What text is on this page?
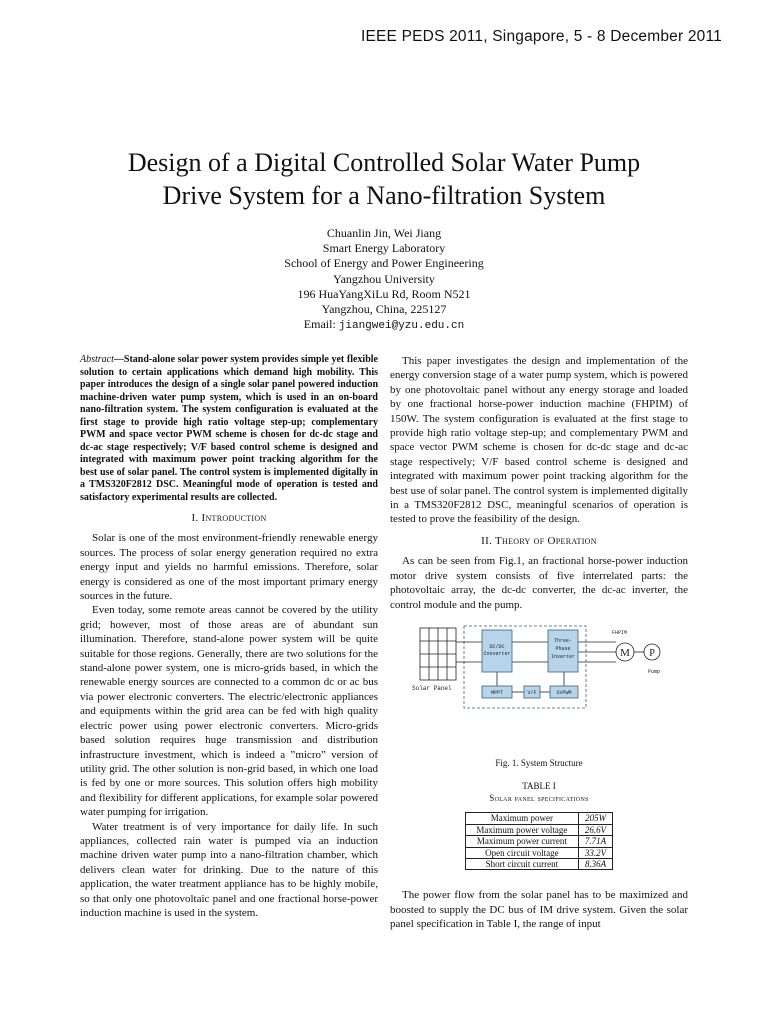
IEEE PEDS 2011, Singapore, 5 - 8 December 2011
Design of a Digital Controlled Solar Water Pump
Drive System for a Nano-filtration System
Chuanlin Jin, Wei Jiang
Smart Energy Laboratory
School of Energy and Power Engineering
Yangzhou University
196 HuaYangXiLu Rd, Room N521
Yangzhou, China, 225127
Email: jiangwei@yzu.edu.cn
Abstract—Stand-alone solar power system provides simple yet flexible solution to certain applications which demand high mobility. This paper introduces the design of a single solar panel powered induction machine-driven water pump system, which is used in an on-board nano-filtration system. The system configuration is evaluated at the first stage to provide high ratio voltage step-up; complementary PWM and space vector PWM scheme is chosen for dc-dc stage and dc-ac stage respectively; V/F based control scheme is designed and integrated with maximum power point tracking algorithm for the best use of solar panel. The control system is implemented digitally in a TMS320F2812 DSC. Meaningful mode of operation is tested and satisfactory experimental results are collected.
I. Introduction

Solar is one of the most environment-friendly renewable energy sources. The process of solar energy generation required no extra energy input and yields no harmful emissions. Therefore, solar energy is considered as one of the most important primary energy sources in the future.

Even today, some remote areas cannot be covered by the utility grid; however, most of those areas are of abundant sun illumination. Therefore, stand-alone power system will be quite suitable for those regions. Generally, there are two solutions for the stand-alone power system, one is micro-grids based, in which the renewable energy sources are connected to a common dc or ac bus via power electronic converters. The electric/electronic appliances and equipments within the grid area can be fed with high quality electric power using power electronic converters. Micro-grids based solution requires huge transmission and distribution infrastructure investment, which is indeed a ”micro” version of utility grid. The other solution is non-grid based, in which one load is fed by one or more sources. This solution offers high mobility and flexibility for different applications, for example solar powered water pumping for irrigation.

Water treatment is of very importance for daily life. In such appliances, collected rain water is pumped via an induction machine driven water pump into a nano-filtration chamber, which delivers clean water for drinking. Due to the nature of this application, the water treatment appliance has to be highly mobile, so that only one photovoltaic panel and one fractional horse-power induction machine is used in the system.

This paper investigates the design and implementation of the energy conversion stage of a water pump system, which is powered by one photovoltaic panel without any energy storage and loaded by one fractional horse-power induction machine (FHPIM) of 150W. The system configuration is evaluated at the first stage to provide high ratio voltage step-up; and complementary PWM and space vector PWM scheme is chosen for dc-dc stage and dc-ac stage respectively; V/F based control scheme is designed and integrated with maximum power point tracking algorithm for the best use of solar panel. The control system is implemented digitally in a TMS320F2812 DSC, meaningful scenarios of operation is tested to prove the feasibility of the design.

II. Theory of Operation

As can be seen from Fig.1, an fractional horse-power induction motor drive system consists of five interrelated parts: the photovoltaic array, the dc-dc converter, the dc-ac inverter, the control module and the pump.

Solar Panel
DC/DC
Converter
Three-
Phase
Inverter
FHPIM
M P
Pump
MPPT	V/F	SVPWM
Fig. 1. System Structure
TABLE I
Solar panel specifications
Maximum power	205W
Maximum power voltage	26.6V
Maximum power current	7.71A
Open circuit voltage	33.2V
Short circuit current	8.36A

The power flow from the solar panel has to be maximized and boosted to supply the DC bus of IM drive system. Given the solar panel specification in Table I, the range of input
